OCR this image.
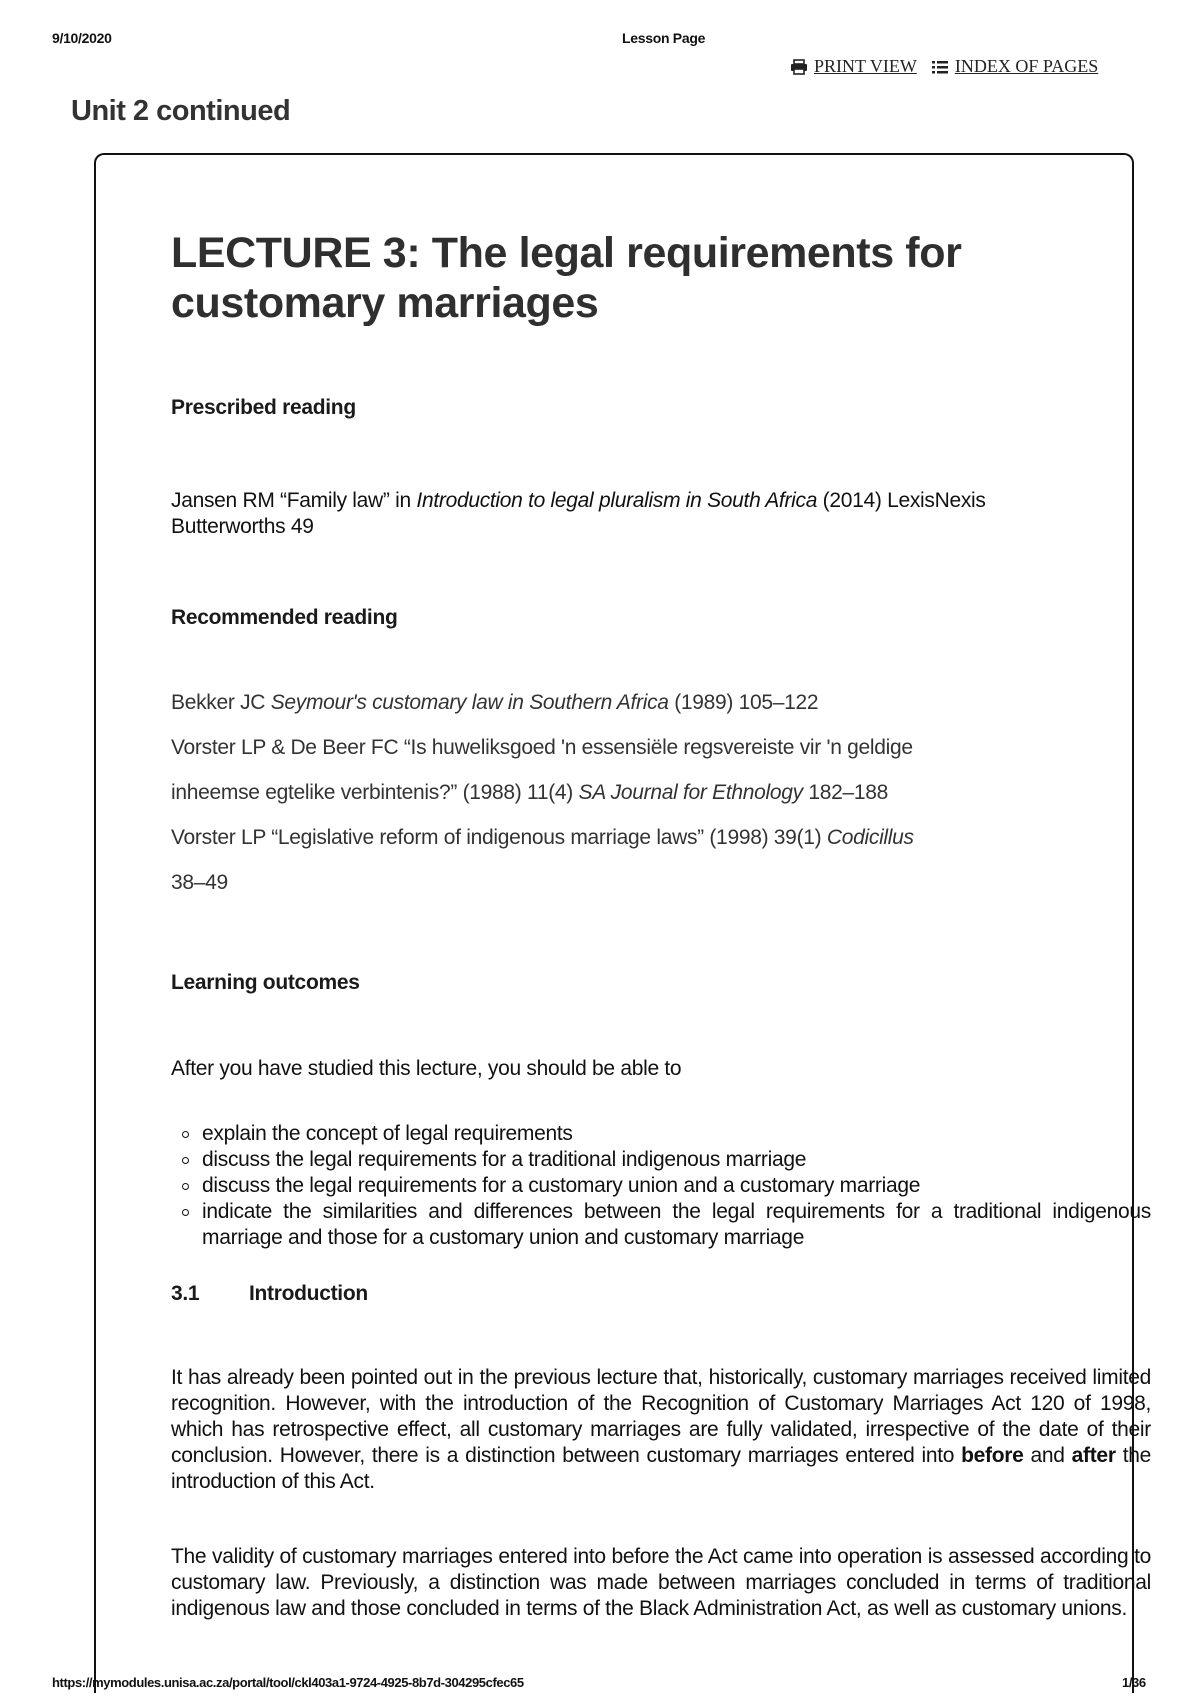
9/10/2020	Lesson Page
PRINT VIEW INDEX OF PAGES
Unit 2 continued
LECTURE 3: The legal requirements for
customary marriages
Prescribed reading
Jansen RM “Family law” in Introduction to legal pluralism in South Africa (2014) LexisNexis
Butterworths 49
Recommended reading
Bekker JC Seymour's customary law in Southern Africa (1989) 105–122
Vorster LP & De Beer FC “Is huweliksgoed 'n essensiële regsvereiste vir 'n geldige
inheemse egtelike verbintenis?” (1988) 11(4) SA Journal for Ethnology 182–188
Vorster LP “Legislative reform of indigenous marriage laws” (1998) 39(1) Codicillus
38–49
Learning outcomes
After you have studied this lecture, you should be able to
explain the concept of legal requirements
discuss the legal requirements for a traditional indigenous marriage
discuss the legal requirements for a customary union and a customary marriage
indicate the similarities and differences between the legal requirements for a traditional indigenous marriage and those for a customary union and customary marriage
3.1 Introduction
It has already been pointed out in the previous lecture that, historically, customary marriages received limited recognition. However, with the introduction of the Recognition of Customary Marriages Act 120 of 1998, which has retrospective effect, all customary marriages are fully validated, irrespective of the date of their conclusion. However, there is a distinction between customary marriages entered into before and after the introduction of this Act.
The validity of customary marriages entered into before the Act came into operation is assessed according to customary law. Previously, a distinction was made between marriages concluded in terms of traditional indigenous law and those concluded in terms of the Black Administration Act, as well as customary unions.
https://mymodules.unisa.ac.za/portal/tool/ckl403a1-9724-4925-8b7d-304295cfec65	1/36
